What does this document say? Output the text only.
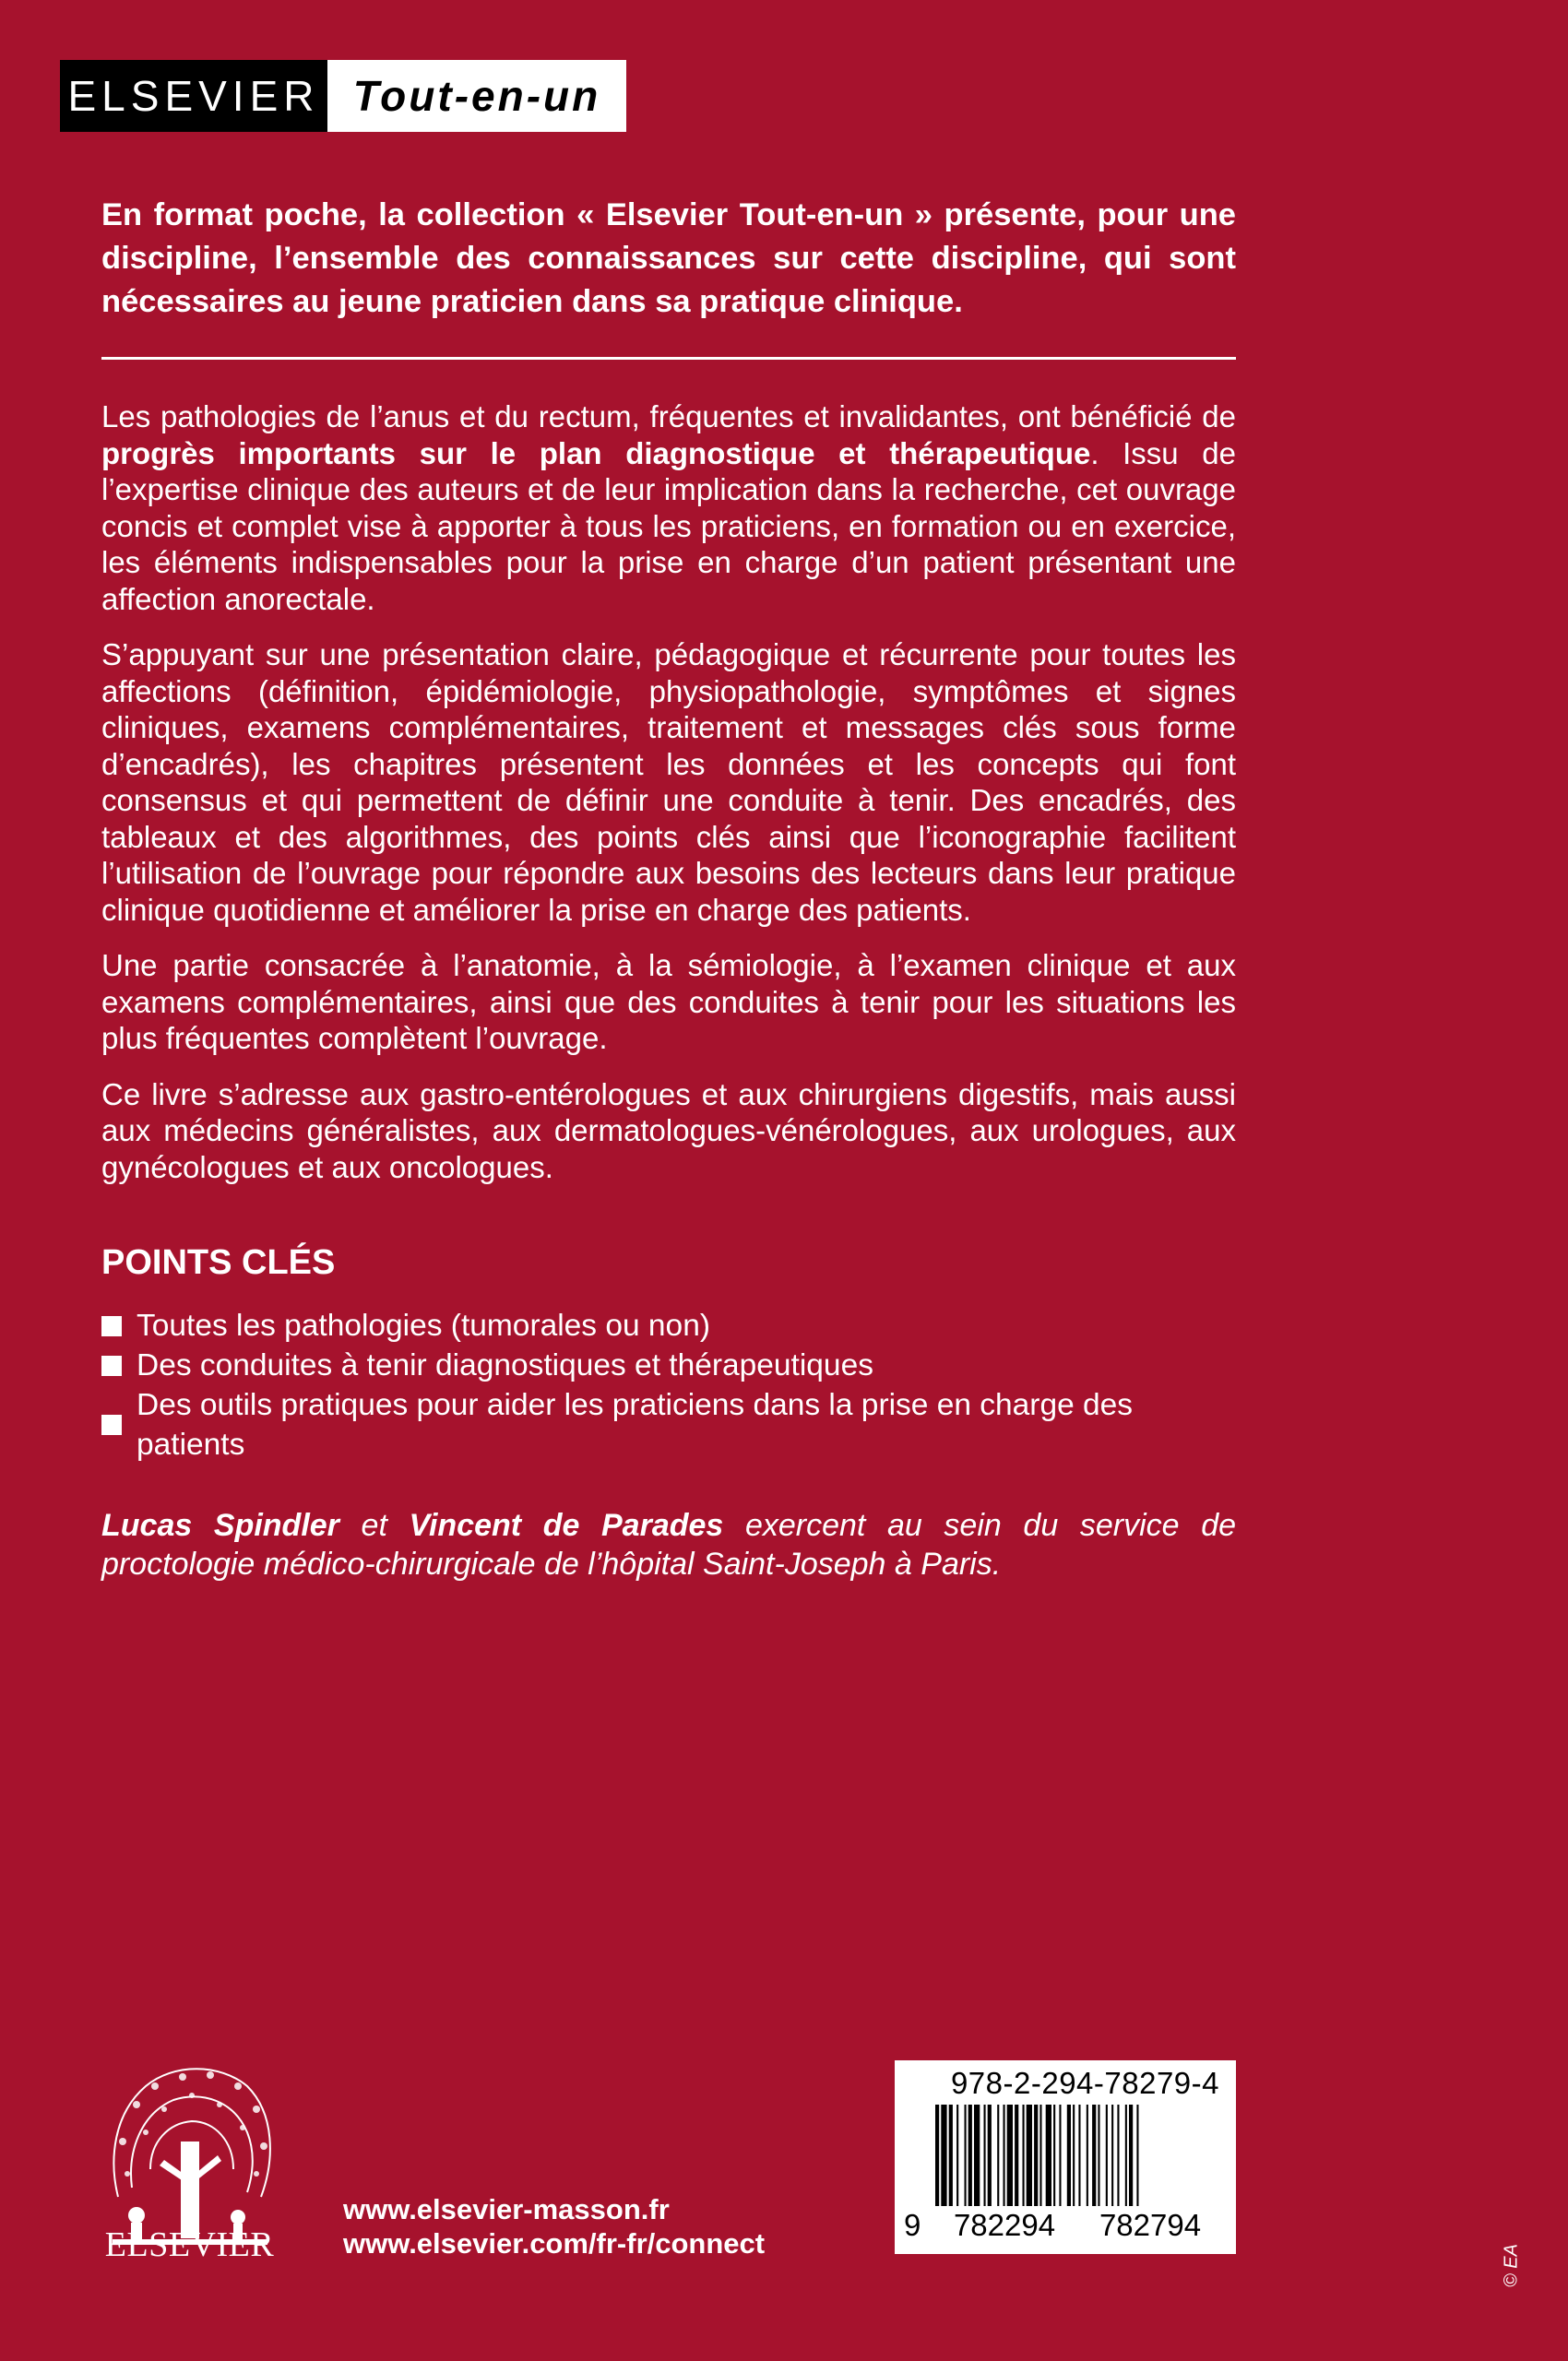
ELSEVIER Tout-en-un
En format poche, la collection « Elsevier Tout-en-un » présente, pour une discipline, l’ensemble des connaissances sur cette discipline, qui sont nécessaires au jeune praticien dans sa pratique clinique.

Les pathologies de l’anus et du rectum, fréquentes et invalidantes, ont bénéficié de progrès importants sur le plan diagnostique et thérapeutique. Issu de l’expertise clinique des auteurs et de leur implication dans la recherche, cet ouvrage concis et complet vise à apporter à tous les praticiens, en formation ou en exercice, les éléments indispensables pour la prise en charge d’un patient présentant une affection anorectale.

S’appuyant sur une présentation claire, pédagogique et récurrente pour toutes les affections (définition, épidémiologie, physiopathologie, symptômes et signes cliniques, examens complémentaires, traitement et messages clés sous forme d’encadrés), les chapitres présentent les données et les concepts qui font consensus et qui permettent de définir une conduite à tenir. Des encadrés, des tableaux et des algorithmes, des points clés ainsi que l’iconographie facilitent l’utilisation de l’ouvrage pour répondre aux besoins des lecteurs dans leur pratique clinique quotidienne et améliorer la prise en charge des patients.

Une partie consacrée à l’anatomie, à la sémiologie, à l’examen clinique et aux examens complémentaires, ainsi que des conduites à tenir pour les situations les plus fréquentes complètent l’ouvrage.

Ce livre s’adresse aux gastro-entérologues et aux chirurgiens digestifs, mais aussi aux médecins généralistes, aux dermatologues-vénérologues, aux urologues, aux gynécologues et aux oncologues.

POINTS CLÉS
Toutes les pathologies (tumorales ou non)
Des conduites à tenir diagnostiques et thérapeutiques
Des outils pratiques pour aider les praticiens dans la prise en charge des patients
Lucas Spindler et Vincent de Parades exercent au sein du service de proctologie médico-chirurgicale de l’hôpital Saint-Joseph à Paris.
ELSEVIER
www.elsevier-masson.fr
www.elsevier.com/fr-fr/connect
978-2-294-78279-4
9	782294	782794
© EA
